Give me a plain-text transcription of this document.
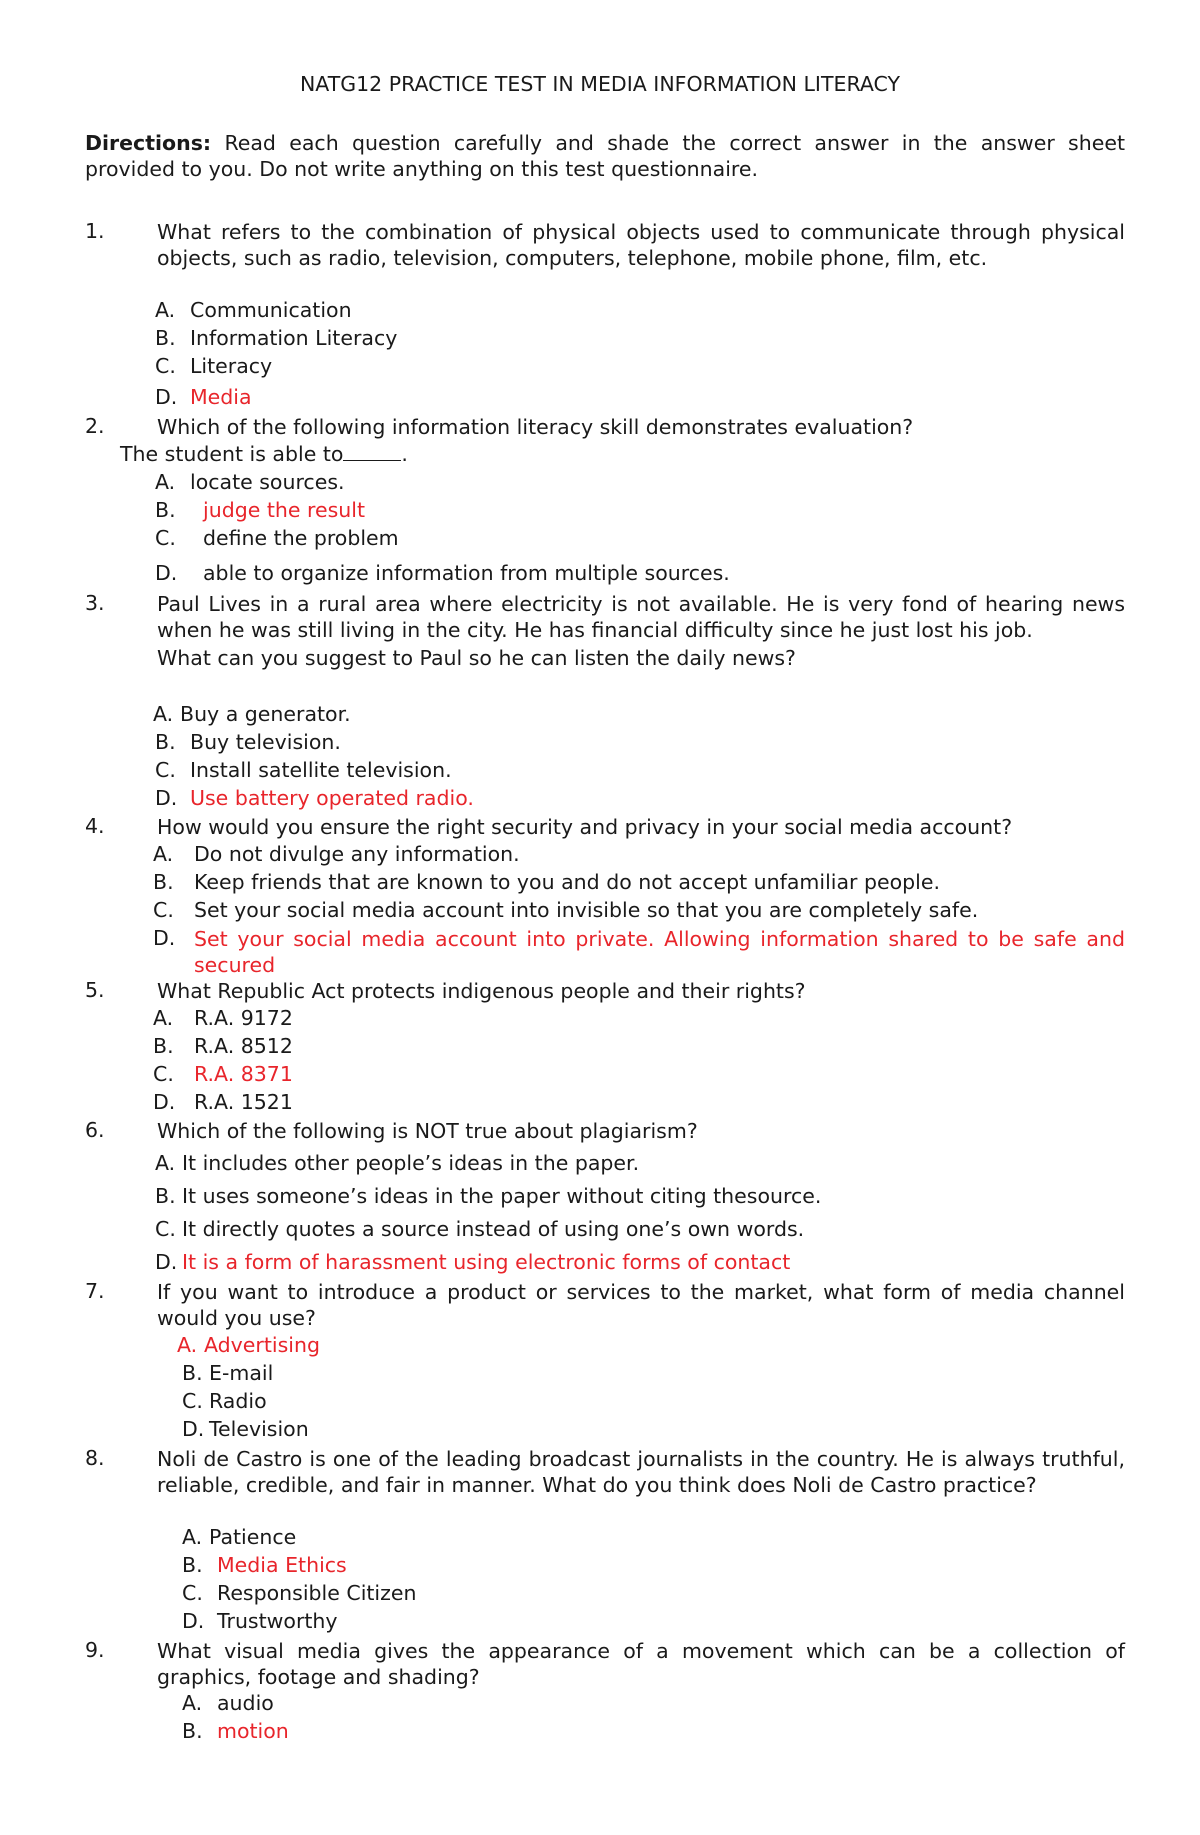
NATG12 PRACTICE TEST IN MEDIA INFORMATION LITERACY
Directions: Read each question carefully and shade the correct answer in the answer sheet provided to you. Do not write anything on this test questionnaire.
1.	What refers to the combination of physical objects used to communicate through physical objects, such as radio, television, computers, telephone, mobile phone, film, etc.
A. Communication
B. Information Literacy
C. Literacy
D. Media
2.	Which of the following information literacy skill demonstrates evaluation?
The student is able to	.
A. locate sources.
B. judge the result
C. define the problem
D. able to organize information from multiple sources.
3.	Paul Lives in a rural area where electricity is not available. He is very fond of hearing news when he was still living in the city. He has financial difficulty since he just lost his job.
What can you suggest to Paul so he can listen the daily news?
A. Buy a generator.
B. Buy television.
C. Install satellite television.
D. Use battery operated radio.
4.	How would you ensure the right security and privacy in your social media account?
A. Do not divulge any information.
B. Keep friends that are known to you and do not accept unfamiliar people.
C. Set your social media account into invisible so that you are completely safe.
D. Set your social media account into private. Allowing information shared to be safe and secured
5.	What Republic Act protects indigenous people and their rights?
A. R.A. 9172
B. R.A. 8512
C. R.A. 8371
D. R.A. 1521
6.	Which of the following is NOT true about plagiarism?
A. It includes other people’s ideas in the paper.
B. It uses someone’s ideas in the paper without citing thesource.
C. It directly quotes a source instead of using one’s own words.
D. It is a form of harassment using electronic forms of contact
7.	If you want to introduce a product or services to the market, what form of media channel would you use?
A. Advertising
B. E-mail
C. Radio
D. Television
8.	Noli de Castro is one of the leading broadcast journalists in the country. He is always truthful, reliable, credible, and fair in manner. What do you think does Noli de Castro practice?
A. Patience
B. Media Ethics
C. Responsible Citizen
D. Trustworthy
9.	What visual media gives the appearance of a movement which can be a collection of graphics, footage and shading?
A. audio
B. motion
